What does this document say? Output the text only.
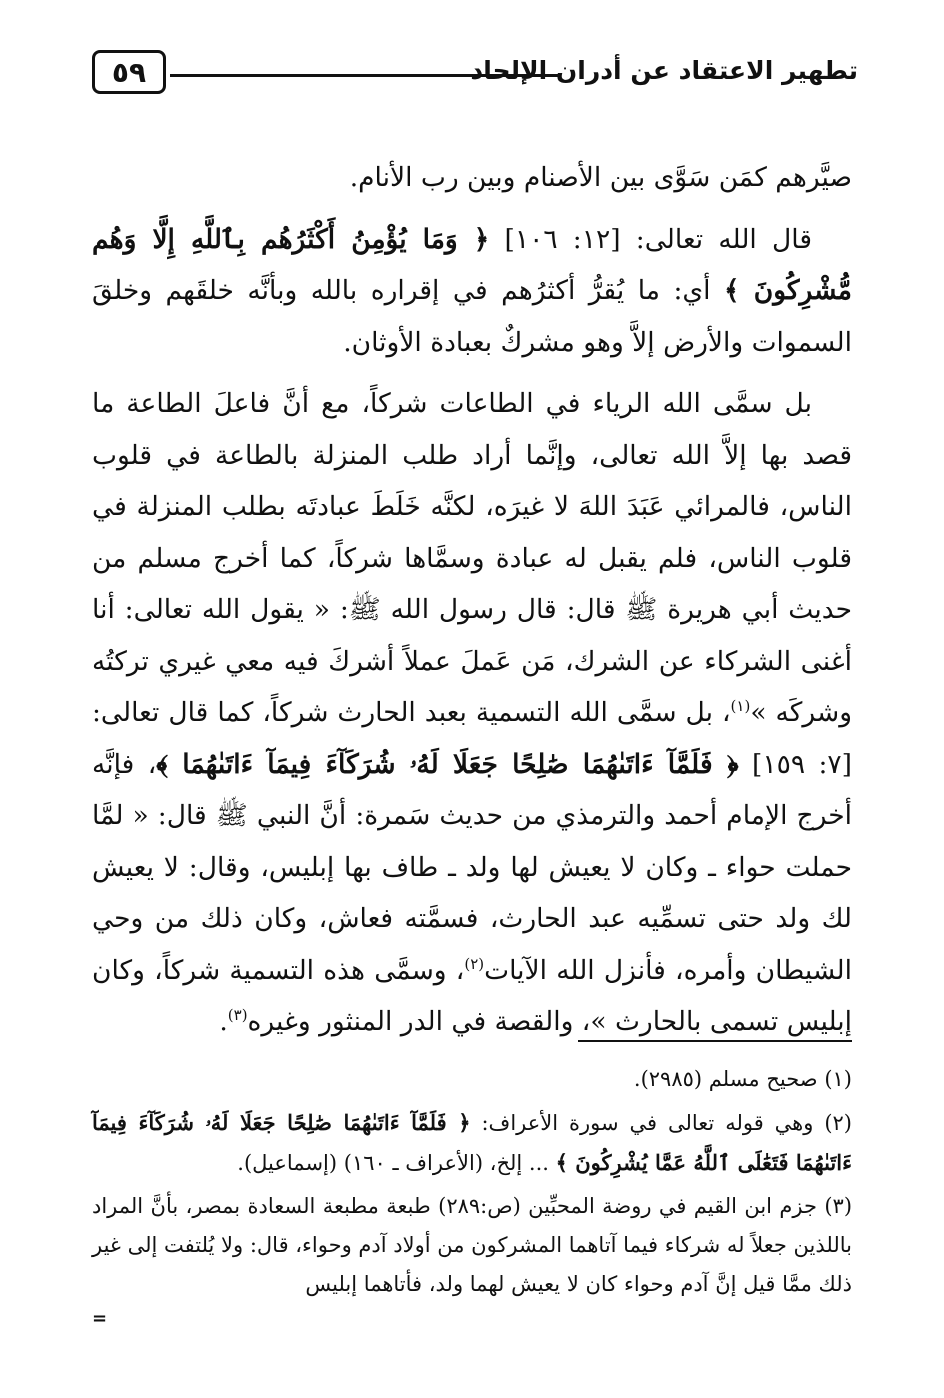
تطهير الاعتقاد عن أدران الإلحاد
٥٩

صيَّرهم كمَن سَوَّى بين الأصنام وبين رب الأنام.

قال الله تعالى: [١٢: ١٠٦] ﴿ وَمَا يُؤْمِنُ أَكْثَرُهُم بِٱللَّهِ إِلَّا وَهُم مُّشْرِكُونَ ﴾ أي: ما يُقرُّ أكثرُهم في إقراره بالله وبأنَّه خلقَهم وخلقَ السموات والأرض إلاَّ وهو مشركٌ بعبادة الأوثان.

بل سمَّى الله الرياء في الطاعات شركاً، مع أنَّ فاعلَ الطاعة ما قصد بها إلاَّ الله تعالى، وإنَّما أراد طلب المنزلة بالطاعة في قلوب الناس، فالمرائي عَبَدَ اللهَ لا غيرَه، لكنَّه خَلَطَ عبادتَه بطلب المنزلة في قلوب الناس، فلم يقبل له عبادة وسمَّاها شركاً، كما أخرج مسلم من حديث أبي هريرة ﷺ قال: قال رسول الله ﷺ: « يقول الله تعالى: أنا أغنى الشركاء عن الشرك، مَن عَملَ عملاً أشركَ فيه معي غيري تركتُه وشركَه »$^{(١)}$، بل سمَّى الله التسمية بعبد الحارث شركاً، كما قال تعالى: [٧: ١٥٩] ﴿ فَلَمَّآ ءَاتَىٰهُمَا صَٰلِحًا جَعَلَا لَهُۥ شُرَكَآءَ فِيمَآ ءَاتَىٰهُمَا ﴾، فإنَّه أخرج الإمام أحمد والترمذي من حديث سَمرة: أنَّ النبي ﷺ قال: « لمَّا حملت حواء ـ وكان لا يعيش لها ولد ـ طاف بها إبليس، وقال: لا يعيش لك ولد حتى تسمِّيه عبد الحارث، فسمَّته فعاش، وكان ذلك من وحي الشيطان وأمره، فأنزل الله الآيات$^{(٢)}$، وسمَّى هذه التسمية شركاً، وكان إبليس تسمى بالحارث »، والقصة في الدر المنثور وغيره$^{(٣)}$.

(١) صحيح مسلم (٢٩٨٥).

(٢) وهي قوله تعالى في سورة الأعراف: ﴿ فَلَمَّآ ءَاتَىٰهُمَا صَٰلِحًا جَعَلَا لَهُۥ شُرَكَآءَ فِيمَآ ءَاتَىٰهُمَا فَتَعَٰلَى ٱللَّهُ عَمَّا يُشْرِكُونَ ﴾ ... إلخ، (الأعراف ـ ١٦٠) (إسماعيل).

(٣) جزم ابن القيم في روضة المحبِّين (ص:٢٨٩) طبعة مطبعة السعادة بمصر، بأنَّ المراد باللذين جعلاً له شركاء فيما آتاهما المشركون من أولاد آدم وحواء، قال: ولا يُلتفت إلى غير ذلك ممَّا قيل إنَّ آدم وحواء كان لا يعيش لهما ولد، فأتاهما إبليس

=
